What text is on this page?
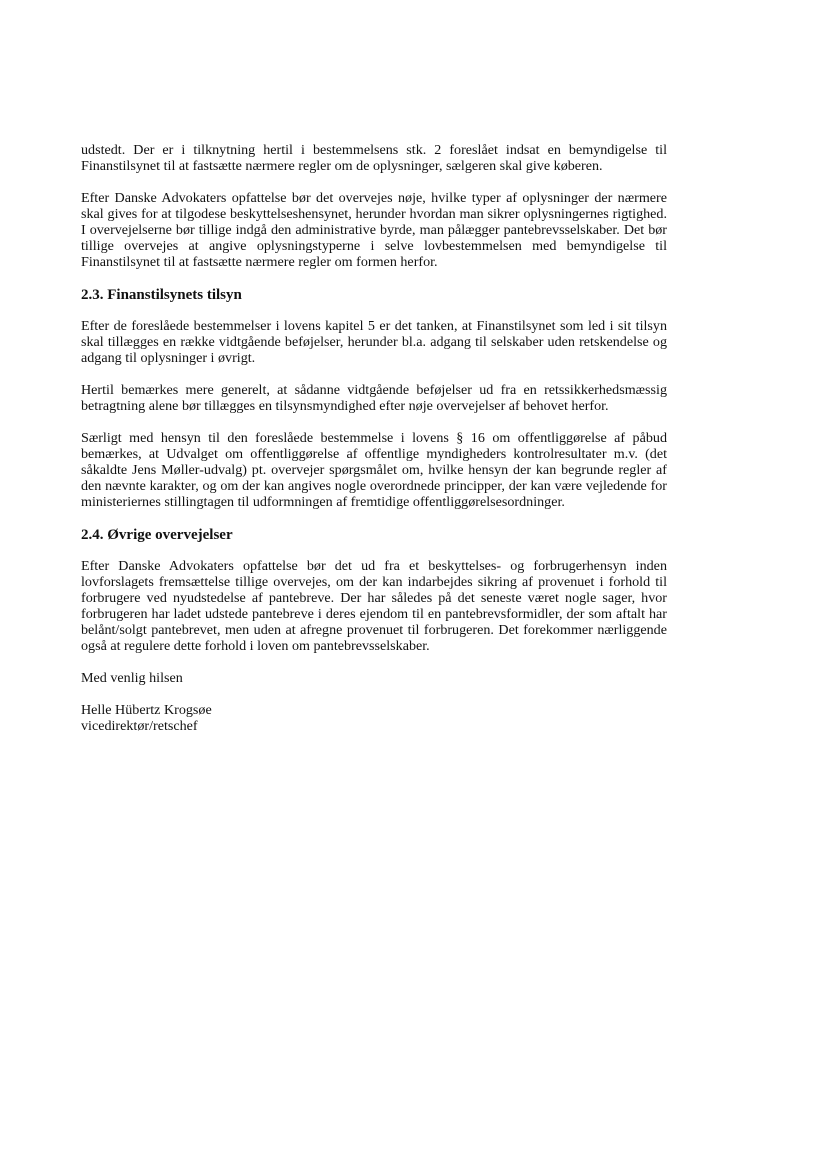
udstedt. Der er i tilknytning hertil i bestemmelsens stk. 2 foreslået indsat en bemyndigelse til Finanstilsynet til at fastsætte nærmere regler om de oplysninger, sælgeren skal give køberen.

Efter Danske Advokaters opfattelse bør det overvejes nøje, hvilke typer af oplysninger der nærmere skal gives for at tilgodese beskyttelseshensynet, herunder hvordan man sikrer oplysningernes rigtighed. I overvejelserne bør tillige indgå den administrative byrde, man pålægger pantebrevsselskaber. Det bør tillige overvejes at angive oplysningstyperne i selve lovbestemmelsen med bemyndigelse til Finanstilsynet til at fastsætte nærmere regler om formen herfor.

2.3. Finanstilsynets tilsyn

Efter de foreslåede bestemmelser i lovens kapitel 5 er det tanken, at Finanstilsynet som led i sit tilsyn skal tillægges en række vidtgående beføjelser, herunder bl.a. adgang til selskaber uden retskendelse og adgang til oplysninger i øvrigt.

Hertil bemærkes mere generelt, at sådanne vidtgående beføjelser ud fra en retssikkerhedsmæssig betragtning alene bør tillægges en tilsynsmyndighed efter nøje overvejelser af behovet herfor.

Særligt med hensyn til den foreslåede bestemmelse i lovens § 16 om offentliggørelse af påbud bemærkes, at Udvalget om offentliggørelse af offentlige myndigheders kontrolresultater m.v. (det såkaldte Jens Møller-udvalg) pt. overvejer spørgsmålet om, hvilke hensyn der kan begrunde regler af den nævnte karakter, og om der kan angives nogle overordnede principper, der kan være vejledende for ministeriernes stillingtagen til udformningen af fremtidige offentliggørelsesordninger.

2.4. Øvrige overvejelser

Efter Danske Advokaters opfattelse bør det ud fra et beskyttelses- og forbrugerhensyn inden lovforslagets fremsættelse tillige overvejes, om der kan indarbejdes sikring af provenuet i forhold til forbrugere ved nyudstedelse af pantebreve. Der har således på det seneste været nogle sager, hvor forbrugeren har ladet udstede pantebreve i deres ejendom til en pantebrevsformidler, der som aftalt har belånt/solgt pantebrevet, men uden at afregne provenuet til forbrugeren. Det forekommer nærliggende også at regulere dette forhold i loven om pantebrevsselskaber.

Med venlig hilsen

Helle Hübertz Krogsøe

vicedirektør/retschef
